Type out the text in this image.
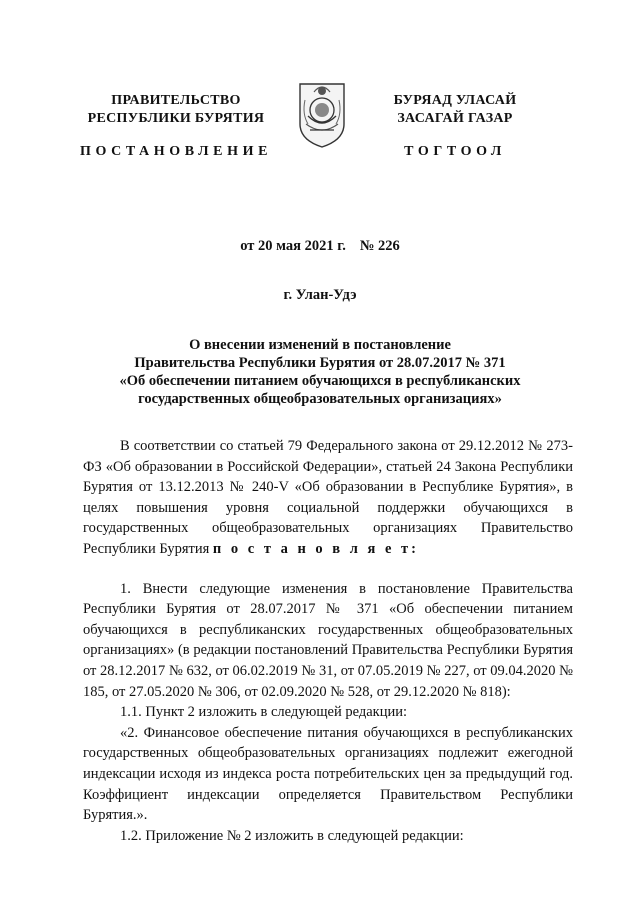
ПРАВИТЕЛЬСТВО
РЕСПУБЛИКИ БУРЯТИЯ
ПОСТАНОВЛЕНИЕ
БУРЯАД УЛАСАЙ
ЗАСАГАЙ ГАЗАР
ТОГТООЛ
от 20 мая 2021 г. № 226
г. Улан-Удэ
О внесении изменений в постановление
Правительства Республики Бурятия от 28.07.2017 № 371
«Об обеспечении питанием обучающихся в республиканских
государственных общеобразовательных организациях»

В соответствии со статьей 79 Федерального закона от 29.12.2012 № 273-ФЗ «Об образовании в Российской Федерации», статьей 24 Закона Республики Бурятия от 13.12.2013 № 240-V «Об образовании в Республике Бурятия», в целях повышения уровня социальной поддержки обучающихся в государственных общеобразовательных организациях Правительство Республики Бурятия п о с т а н о в л я е т:

1. Внести следующие изменения в постановление Правительства Республики Бурятия от 28.07.2017 № 371 «Об обеспечении питанием обучающихся в республиканских государственных общеобразовательных организациях» (в редакции постановлений Правительства Республики Бурятия от 28.12.2017 № 632, от 06.02.2019 № 31, от 07.05.2019 № 227, от 09.04.2020 № 185, от 27.05.2020 № 306, от 02.09.2020 № 528, от 29.12.2020 № 818):

1.1. Пункт 2 изложить в следующей редакции:

«2. Финансовое обеспечение питания обучающихся в республиканских государственных общеобразовательных организациях подлежит ежегодной индексации исходя из индекса роста потребительских цен за предыдущий год. Коэффициент индексации определяется Правительством Республики Бурятия.».

1.2. Приложение № 2 изложить в следующей редакции:
